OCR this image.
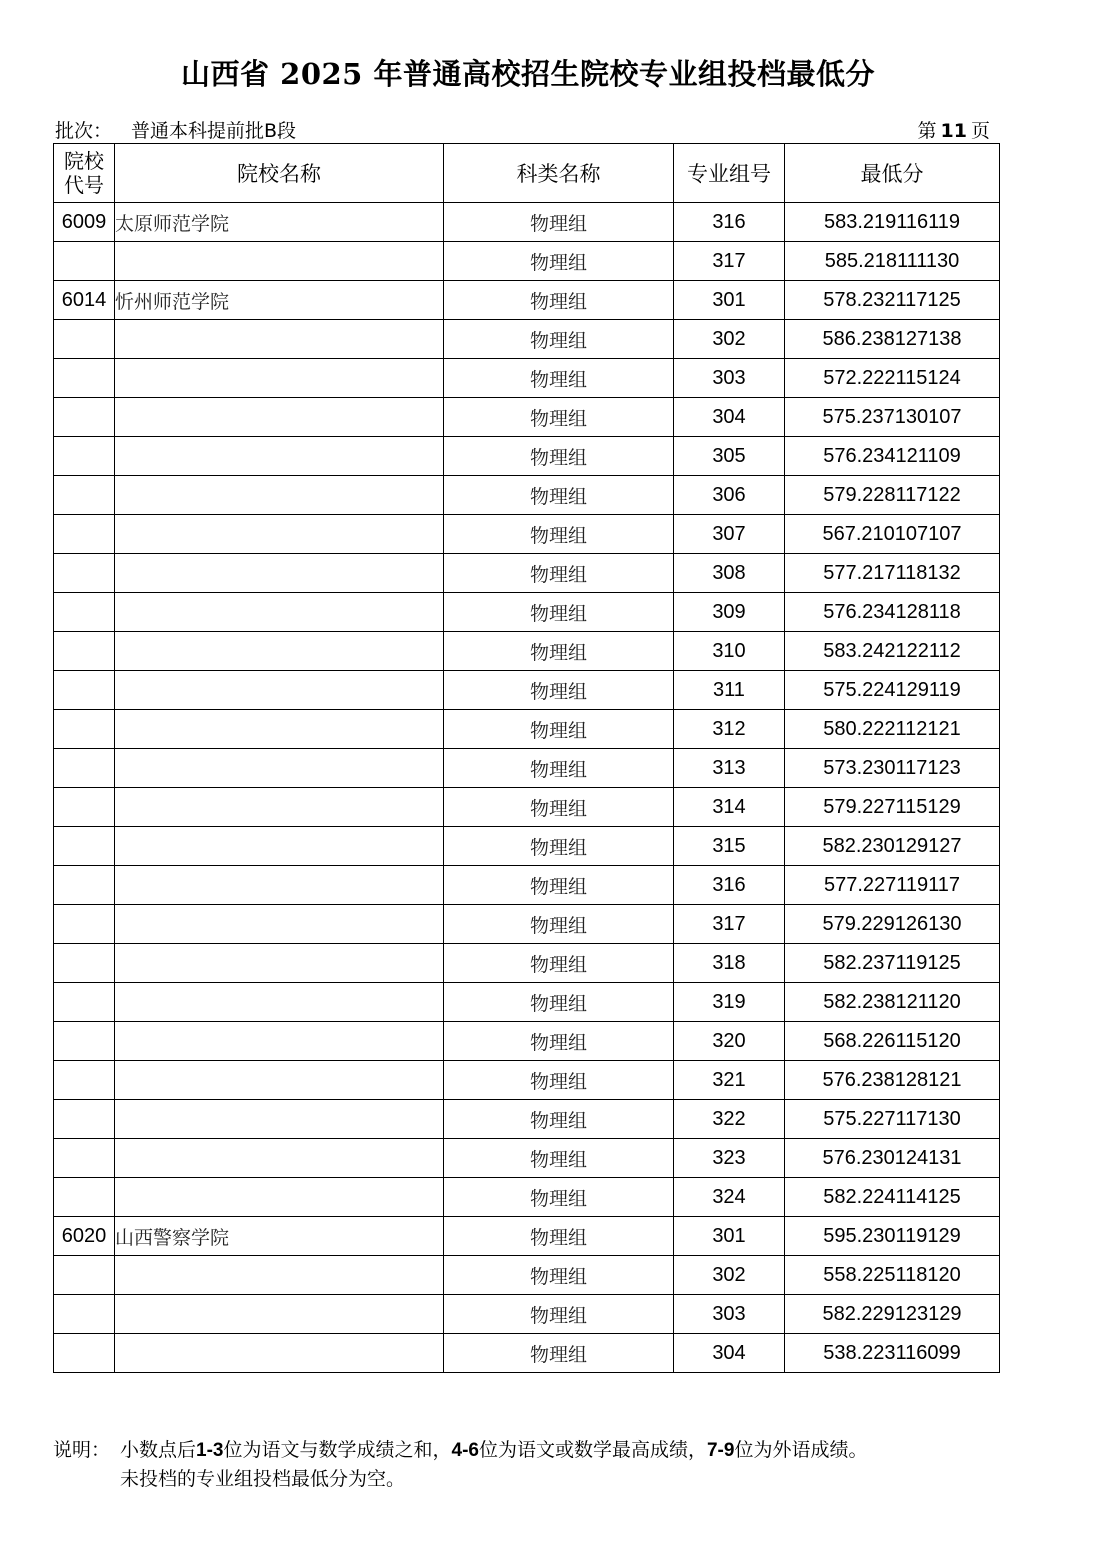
山西省 2025 年普通高校招生院校专业组投档最低分
批次： 普通本科提前批B段	第 11 页
院校
代号	院校名称	科类名称	专业组号	最低分
6009	太原师范学院	物理组	316	583.219116119
		物理组	317	585.218111130
6014	忻州师范学院	物理组	301	578.232117125
		物理组	302	586.238127138
		物理组	303	572.222115124
		物理组	304	575.237130107
		物理组	305	576.234121109
		物理组	306	579.228117122
		物理组	307	567.210107107
		物理组	308	577.217118132
		物理组	309	576.234128118
		物理组	310	583.242122112
		物理组	311	575.224129119
		物理组	312	580.222112121
		物理组	313	573.230117123
		物理组	314	579.227115129
		物理组	315	582.230129127
		物理组	316	577.227119117
		物理组	317	579.229126130
		物理组	318	582.237119125
		物理组	319	582.238121120
		物理组	320	568.226115120
		物理组	321	576.238128121
		物理组	322	575.227117130
		物理组	323	576.230124131
		物理组	324	582.224114125
6020	山西警察学院	物理组	301	595.230119129
		物理组	302	558.225118120
		物理组	303	582.229123129
		物理组	304	538.223116099
说明： 小数点后1-3位为语文与数学成绩之和，4-6位为语文或数学最高成绩，7-9位为外语成绩。
未投档的专业组投档最低分为空。
